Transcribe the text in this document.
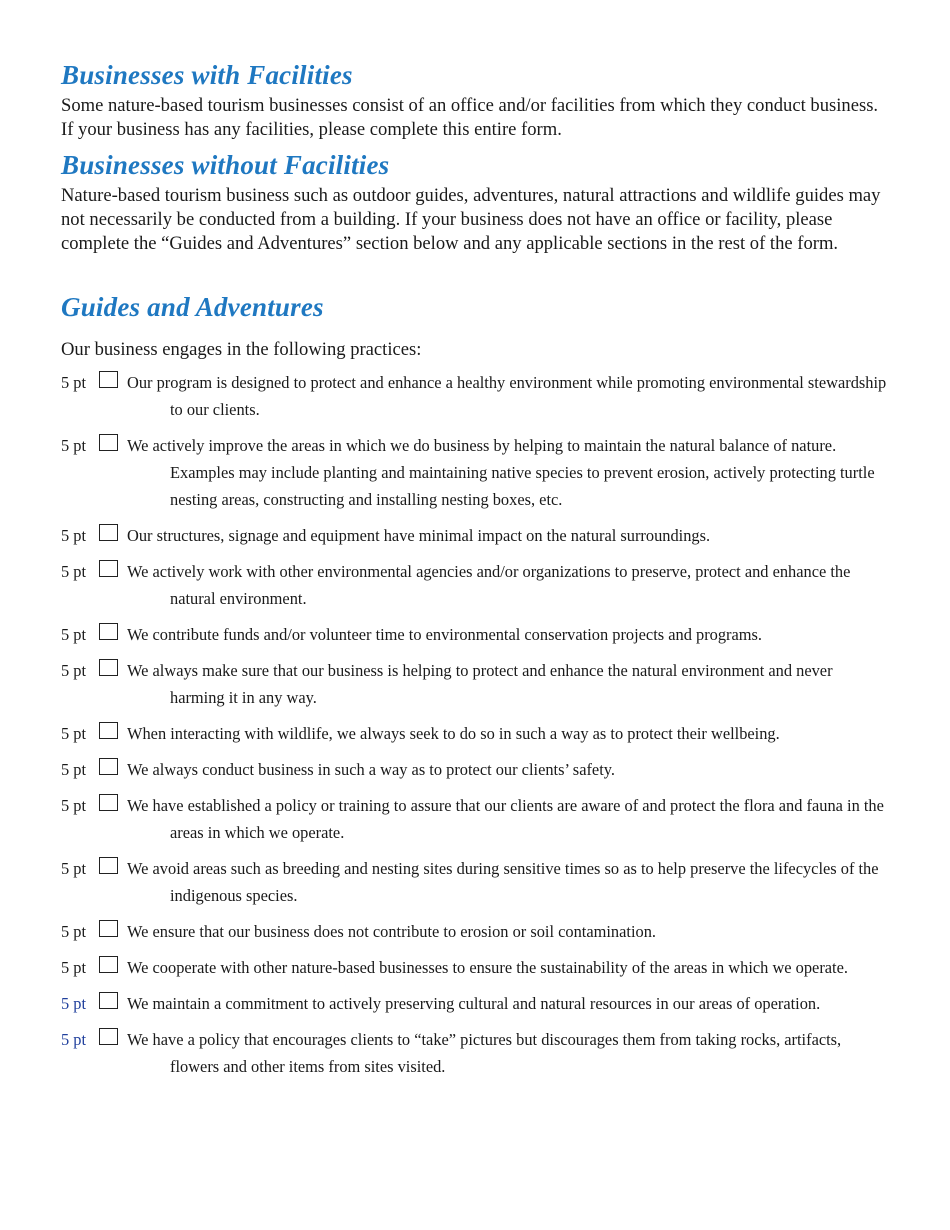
Businesses with Facilities

Some nature-based tourism businesses consist of an office and/or facilities from which they conduct business. If your business has any facilities, please complete this entire form.

Businesses without Facilities

Nature-based tourism business such as outdoor guides, adventures, natural attractions and wildlife guides may not necessarily be conducted from a building. If your business does not have an office or facility, please complete the “Guides and Adventures” section below and any applicable sections in the rest of the form.

Guides and Adventures

Our business engages in the following practices:

5 pt	Our program is designed to protect and enhance a healthy environment while promoting environmental stewardship to our clients.
5 pt	We actively improve the areas in which we do business by helping to maintain the natural balance of nature. Examples may include planting and maintaining native species to prevent erosion, actively protecting turtle nesting areas, constructing and installing nesting boxes, etc.
5 pt	Our structures, signage and equipment have minimal impact on the natural surroundings.
5 pt	We actively work with other environmental agencies and/or organizations to preserve, protect and enhance the natural environment.
5 pt	We contribute funds and/or volunteer time to environmental conservation projects and programs.
5 pt	We always make sure that our business is helping to protect and enhance the natural environment and never harming it in any way.
5 pt	When interacting with wildlife, we always seek to do so in such a way as to protect their wellbeing.
5 pt	We always conduct business in such a way as to protect our clients’ safety.
5 pt	We have established a policy or training to assure that our clients are aware of and protect the flora and fauna in the areas in which we operate.
5 pt	We avoid areas such as breeding and nesting sites during sensitive times so as to help preserve the lifecycles of the indigenous species.
5 pt	We ensure that our business does not contribute to erosion or soil contamination.
5 pt	We cooperate with other nature-based businesses to ensure the sustainability of the areas in which we operate.
5 pt	We maintain a commitment to actively preserving cultural and natural resources in our areas of operation.
5 pt	We have a policy that encourages clients to “take” pictures but discourages them from taking rocks, artifacts, flowers and other items from sites visited.
